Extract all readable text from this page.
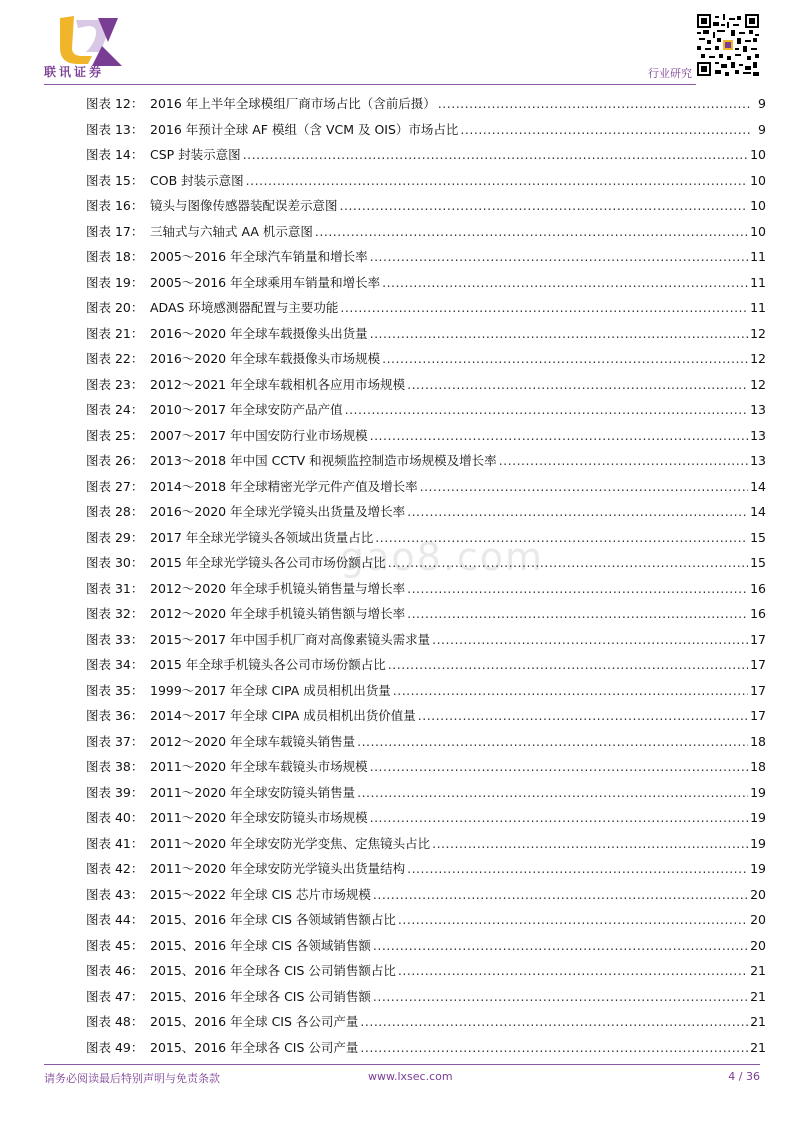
联讯证券	行业研究
gao8.com
图表 12： 2016 年上半年全球模组厂商市场占比（含前后摄） .....	9
图表 13： 2016 年预计全球 AF 模组（含 VCM 及 OIS）市场占比 .....	9
图表 14： CSP 封装示意图 .....	10
图表 15： COB 封装示意图 .....	10
图表 16： 镜头与图像传感器装配误差示意图 .....	10
图表 17： 三轴式与六轴式 AA 机示意图 .....	10
图表 18： 2005～2016 年全球汽车销量和增长率 .....	11
图表 19： 2005～2016 年全球乘用车销量和增长率 .....	11
图表 20： ADAS 环境感测器配置与主要功能 .....	11
图表 21： 2016～2020 年全球车载摄像头出货量 .....	12
图表 22： 2016～2020 年全球车载摄像头市场规模 .....	12
图表 23： 2012～2021 年全球车载相机各应用市场规模 .....	12
图表 24： 2010～2017 年全球安防产品产值 .....	13
图表 25： 2007～2017 年中国安防行业市场规模 .....	13
图表 26： 2013～2018 年中国 CCTV 和视频监控制造市场规模及增长率 .....	13
图表 27： 2014～2018 年全球精密光学元件产值及增长率 .....	14
图表 28： 2016～2020 年全球光学镜头出货量及增长率 .....	14
图表 29： 2017 年全球光学镜头各领域出货量占比 .....	15
图表 30： 2015 年全球光学镜头各公司市场份额占比 .....	15
图表 31： 2012～2020 年全球手机镜头销售量与增长率 .....	16
图表 32： 2012～2020 年全球手机镜头销售额与增长率 .....	16
图表 33： 2015～2017 年中国手机厂商对高像素镜头需求量 .....	17
图表 34： 2015 年全球手机镜头各公司市场份额占比 .....	17
图表 35： 1999～2017 年全球 CIPA 成员相机出货量 .....	17
图表 36： 2014～2017 年全球 CIPA 成员相机出货价值量 .....	17
图表 37： 2012～2020 年全球车载镜头销售量 .....	18
图表 38： 2011～2020 年全球车载镜头市场规模 .....	18
图表 39： 2011～2020 年全球安防镜头销售量 .....	19
图表 40： 2011～2020 年全球安防镜头市场规模 .....	19
图表 41： 2011～2020 年全球安防光学变焦、定焦镜头占比 .....	19
图表 42： 2011～2020 年全球安防光学镜头出货量结构 .....	19
图表 43： 2015～2022 年全球 CIS 芯片市场规模 .....	20
图表 44： 2015、2016 年全球 CIS 各领域销售额占比 .....	20
图表 45： 2015、2016 年全球 CIS 各领域销售额 .....	20
图表 46： 2015、2016 年全球各 CIS 公司销售额占比 .....	21
图表 47： 2015、2016 年全球各 CIS 公司销售额 .....	21
图表 48： 2015、2016 年全球 CIS 各公司产量 .....	21
图表 49： 2015、2016 年全球各 CIS 公司产量 .....	21
请务必阅读最后特别声明与免责条款	www.lxsec.com	4 / 36
